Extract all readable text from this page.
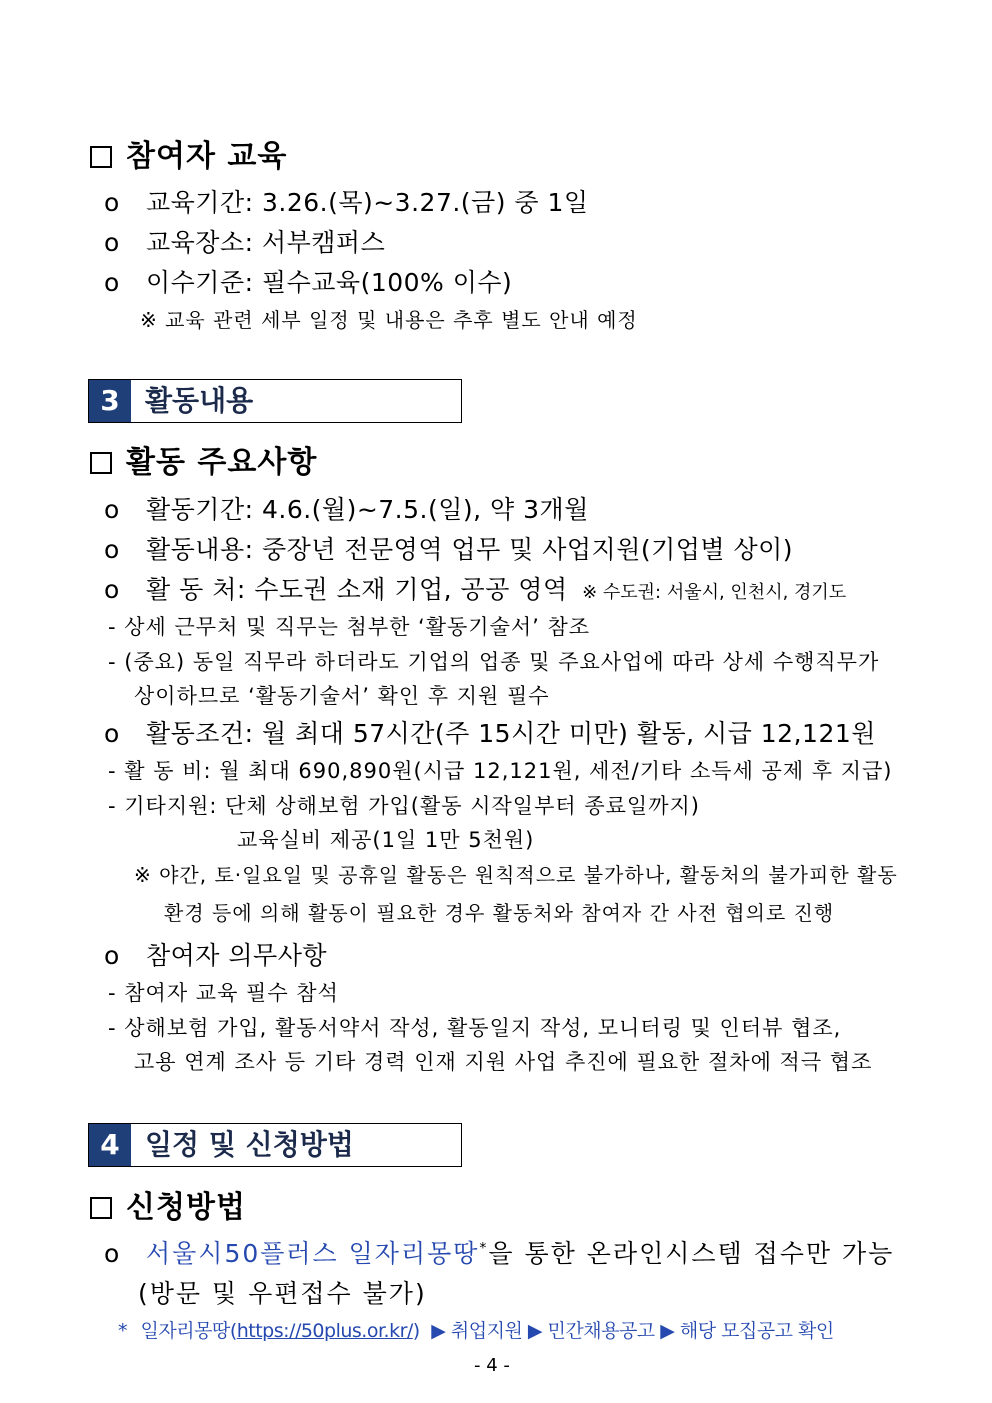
참여자 교육
o 교육기간: 3.26.(목)~3.27.(금) 중 1일
o 교육장소: 서부캠퍼스
o 이수기준: 필수교육(100% 이수)
※ 교육 관련 세부 일정 및 내용은 추후 별도 안내 예정
3 활동내용
활동 주요사항
o 활동기간: 4.6.(월)~7.5.(일), 약 3개월
o 활동내용: 중장년 전문영역 업무 및 사업지원(기업별 상이)
o 활 동 처: 수도권 소재 기업, 공공 영역 ※ 수도권: 서울시, 인천시, 경기도
- 상세 근무처 및 직무는 첨부한 ‘활동기술서’ 참조
- (중요) 동일 직무라 하더라도 기업의 업종 및 주요사업에 따라 상세 수행직무가
상이하므로 ‘활동기술서’ 확인 후 지원 필수
o 활동조건: 월 최대 57시간(주 15시간 미만) 활동, 시급 12,121원
- 활 동 비: 월 최대 690,890원(시급 12,121원, 세전/기타 소득세 공제 후 지급)
- 기타지원: 단체 상해보험 가입(활동 시작일부터 종료일까지)
교육실비 제공(1일 1만 5천원)
※ 야간, 토·일요일 및 공휴일 활동은 원칙적으로 불가하나, 활동처의 불가피한 활동
환경 등에 의해 활동이 필요한 경우 활동처와 참여자 간 사전 협의로 진행
o 참여자 의무사항
- 참여자 교육 필수 참석
- 상해보험 가입, 활동서약서 작성, 활동일지 작성, 모니터링 및 인터뷰 협조,
고용 연계 조사 등 기타 경력 인재 지원 사업 추진에 필요한 절차에 적극 협조
4 일정 및 신청방법
신청방법
o 서울시50플러스 일자리몽땅*을 통한 온라인시스템 접수만 가능
(방문 및 우편접수 불가)
* 일자리몽땅(https://50plus.or.kr/) ▶ 취업지원 ▶ 민간채용공고 ▶ 해당 모집공고 확인
- 4 -
